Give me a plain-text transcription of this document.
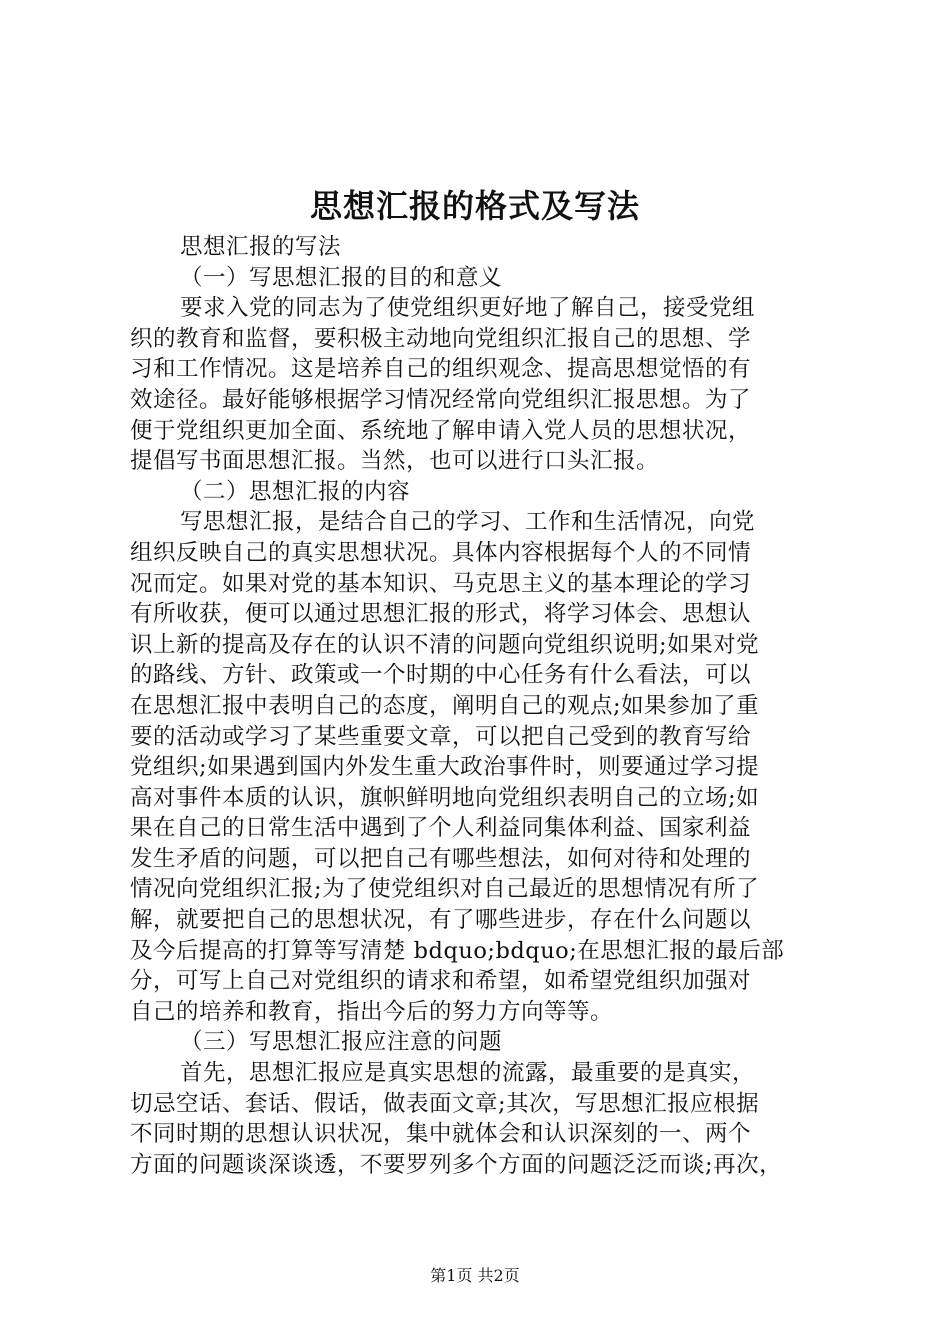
思想汇报的格式及写法
思想汇报的写法
（一）写思想汇报的目的和意义
要求入党的同志为了使党组织更好地了解自己，接受党组
织的教育和监督，要积极主动地向党组织汇报自己的思想、学
习和工作情况。这是培养自己的组织观念、提高思想觉悟的有
效途径。最好能够根据学习情况经常向党组织汇报思想。为了
便于党组织更加全面、系统地了解申请入党人员的思想状况，
提倡写书面思想汇报。当然，也可以进行口头汇报。
（二）思想汇报的内容
写思想汇报，是结合自己的学习、工作和生活情况，向党
组织反映自己的真实思想状况。具体内容根据每个人的不同情
况而定。如果对党的基本知识、马克思主义的基本理论的学习
有所收获，便可以通过思想汇报的形式，将学习体会、思想认
识上新的提高及存在的认识不清的问题向党组织说明;如果对党
的路线、方针、政策或一个时期的中心任务有什么看法，可以
在思想汇报中表明自己的态度，阐明自己的观点;如果参加了重
要的活动或学习了某些重要文章，可以把自己受到的教育写给
党组织;如果遇到国内外发生重大政治事件时，则要通过学习提
高对事件本质的认识，旗帜鲜明地向党组织表明自己的立场;如
果在自己的日常生活中遇到了个人利益同集体利益、国家利益
发生矛盾的问题，可以把自己有哪些想法，如何对待和处理的
情况向党组织汇报;为了使党组织对自己最近的思想情况有所了
解，就要把自己的思想状况，有了哪些进步，存在什么问题以
及今后提高的打算等写清楚 bdquo;bdquo;在思想汇报的最后部
分，可写上自己对党组织的请求和希望，如希望党组织加强对
自己的培养和教育，指出今后的努力方向等等。
（三）写思想汇报应注意的问题
首先，思想汇报应是真实思想的流露，最重要的是真实，
切忌空话、套话、假话，做表面文章;其次，写思想汇报应根据
不同时期的思想认识状况，集中就体会和认识深刻的一、两个
方面的问题谈深谈透，不要罗列多个方面的问题泛泛而谈;再次，
第1页 共2页
